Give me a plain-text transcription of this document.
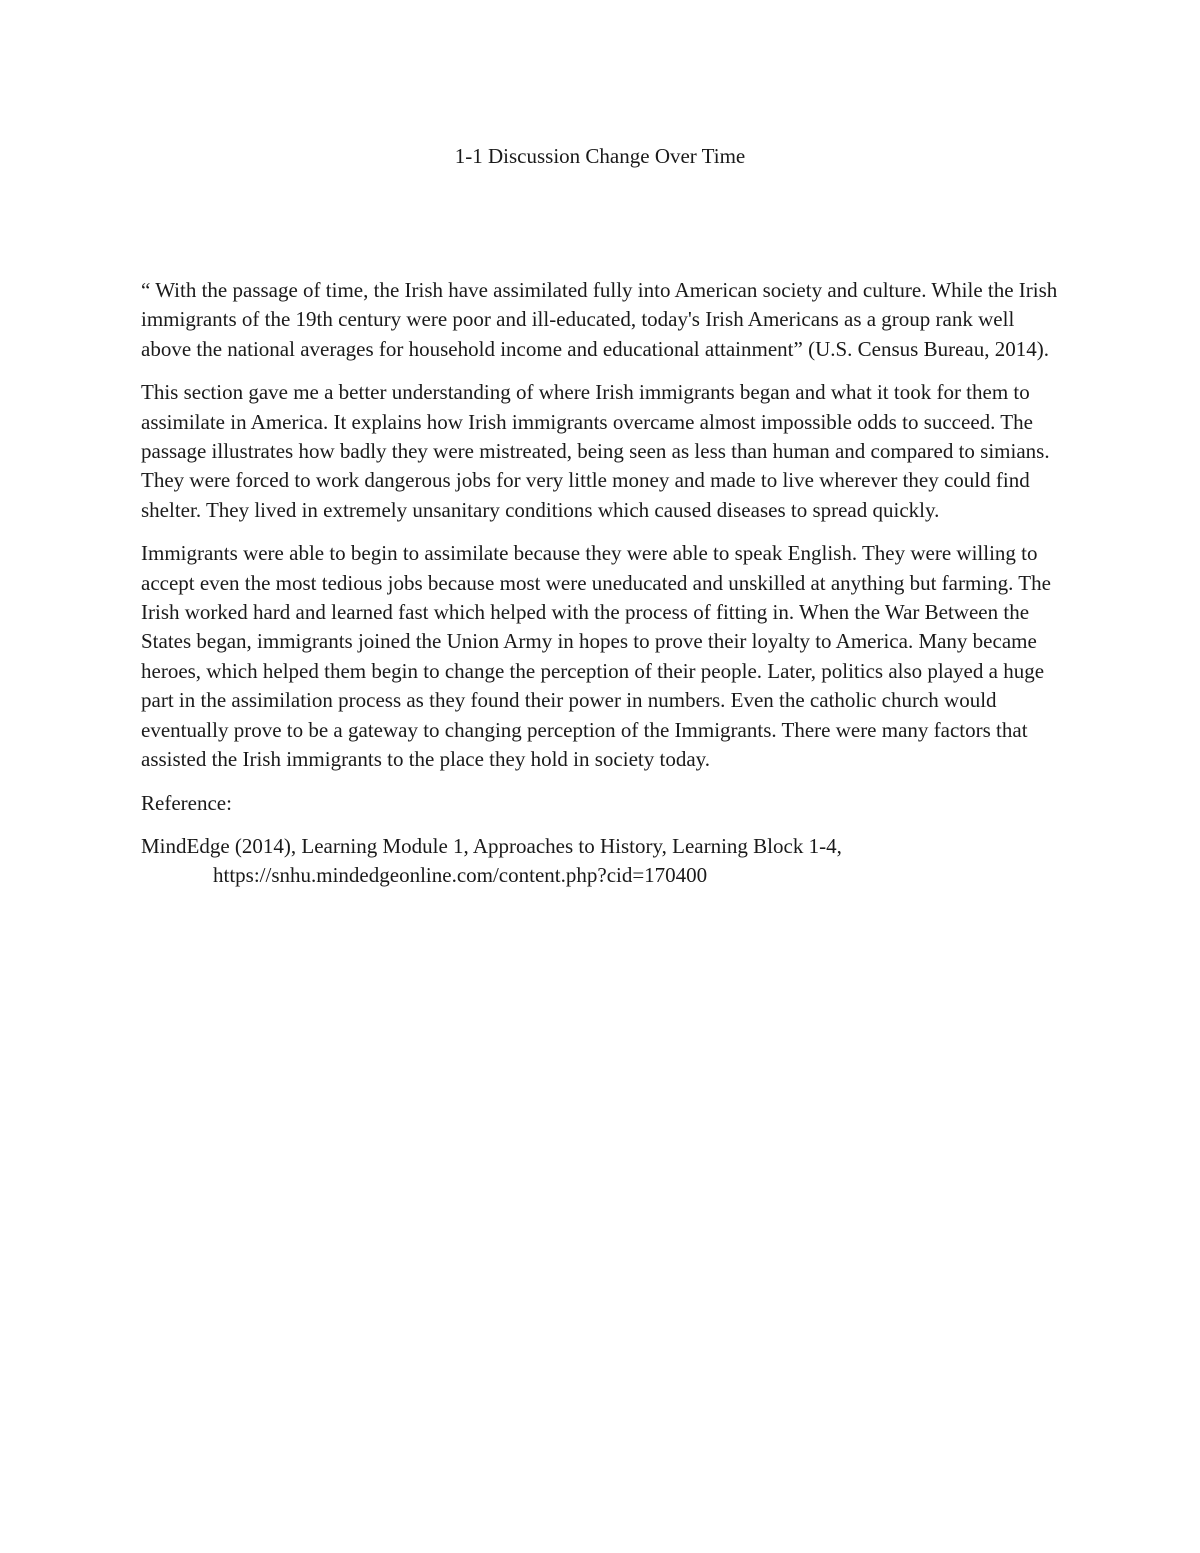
1-1 Discussion Change Over Time

“ With the passage of time, the Irish have assimilated fully into American society and culture. While the Irish immigrants of the 19th century were poor and ill-educated, today's Irish Americans as a group rank well above the national averages for household income and educational attainment” (U.S. Census Bureau, 2014).

This section gave me a better understanding of where Irish immigrants began and what it took for them to assimilate in America. It explains how Irish immigrants overcame almost impossible odds to succeed. The passage illustrates how badly they were mistreated, being seen as less than human and compared to simians. They were forced to work dangerous jobs for very little money and made to live wherever they could find shelter. They lived in extremely unsanitary conditions which caused diseases to spread quickly.

Immigrants were able to begin to assimilate because they were able to speak English. They were willing to accept even the most tedious jobs because most were uneducated and unskilled at anything but farming. The Irish worked hard and learned fast which helped with the process of fitting in. When the War Between the States began, immigrants joined the Union Army in hopes to prove their loyalty to America. Many became heroes, which helped them begin to change the perception of their people. Later, politics also played a huge part in the assimilation process as they found their power in numbers. Even the catholic church would eventually prove to be a gateway to changing perception of the Immigrants. There were many factors that assisted the Irish immigrants to the place they hold in society today.

Reference:

MindEdge (2014), Learning Module 1, Approaches to History, Learning Block 1-4, https://snhu.mindedgeonline.com/content.php?cid=170400
